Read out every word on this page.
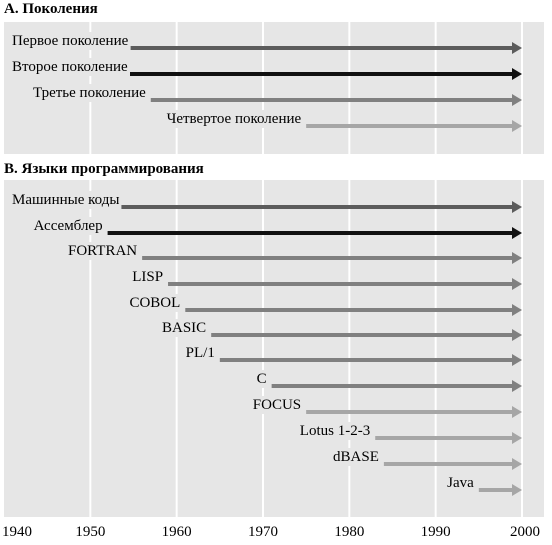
А. Поколения
Первое поколение
Второе поколение
Третье поколение
Четвертое поколение
В. Языки программирования
Машинные коды
Ассемблер
FORTRAN
LISP
COBOL
BASIC
PL/1
C
FOCUS
Lotus 1-2-3
dBASE
Java
1940	1950	1960	1970	1980	1990	2000
